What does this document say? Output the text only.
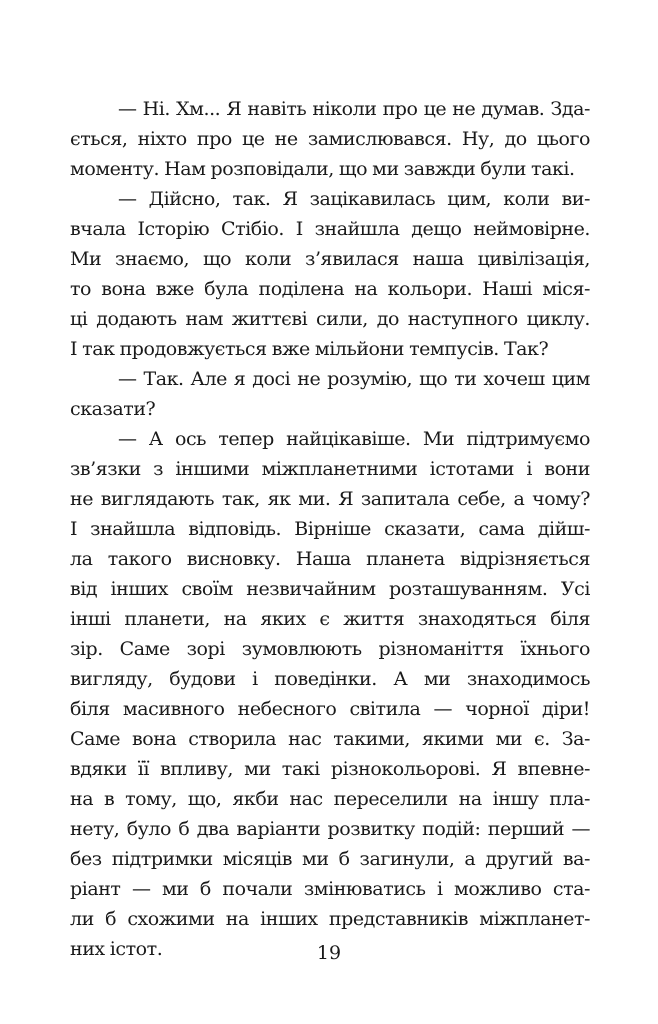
— Ні. Хм... Я навіть ніколи про це не думав. Зда-
ється, ніхто про це не замислювався. Ну, до цього
моменту. Нам розповідали, що ми завжди були такі.
— Дійсно, так. Я зацікавилась цим, коли ви-
вчала Історію Стібіо. І знайшла дещо неймовірне.
Ми знаємо, що коли з’явилася наша цивілізація,
то вона вже була поділена на кольори. Наші міся-
ці додають нам життєві сили, до наступного циклу.
І так продовжується вже мільйони темпусів. Так?
— Так. Але я досі не розумію, що ти хочеш цим
сказати?
— А ось тепер найцікавіше. Ми підтримуємо
зв’язки з іншими міжпланетними істотами і вони
не виглядають так, як ми. Я запитала себе, а чому?
І знайшла відповідь. Вірніше сказати, сама дійш-
ла такого висновку. Наша планета відрізняється
від інших своїм незвичайним розташуванням. Усі
інші планети, на яких є життя знаходяться біля
зір. Саме зорі зумовлюють різноманіття їхнього
вигляду, будови і поведінки. А ми знаходимось
біля масивного небесного світила — чорної діри!
Саме вона створила нас такими, якими ми є. За-
вдяки її впливу, ми такі різнокольорові. Я впевне-
на в тому, що, якби нас переселили на іншу пла-
нету, було б два варіанти розвитку подій: перший —
без підтримки місяців ми б загинули, а другий ва-
ріант — ми б почали змінюватись і можливо ста-
ли б схожими на інших представників міжпланет-
них істот.	19
